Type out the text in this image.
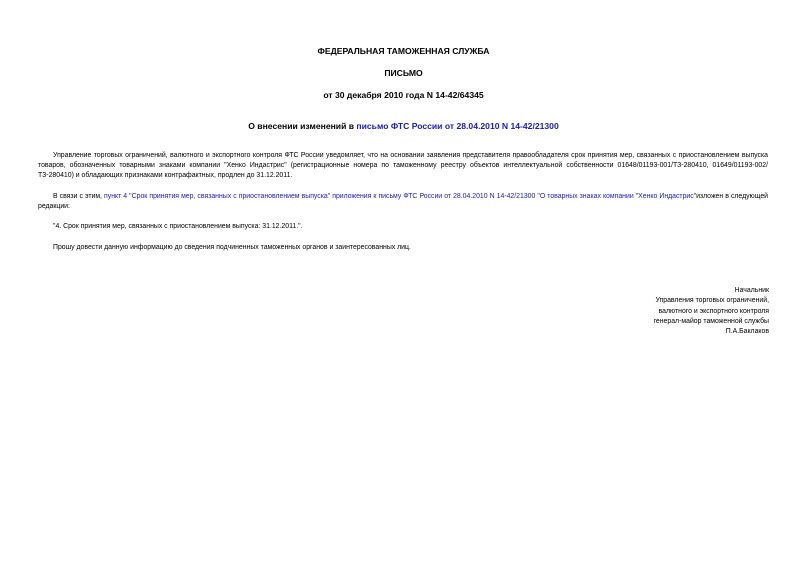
ФЕДЕРАЛЬНАЯ ТАМОЖЕННАЯ СЛУЖБА
ПИСЬМО
от 30 декабря 2010 года N 14-42/64345
О внесении изменений в письмо ФТС России от 28.04.2010 N 14-42/21300
Управление торговых ограничений, валютного и экспортного контроля ФТС России уведомляет, что на основании заявления представителя правообладателя срок принятия мер, связанных с приостановлением выпуска товаров, обозначенных товарными знаками компании "Хенко Индастрис" (регистрационные номера по таможенному реестру объектов интеллектуальной собственности 01648/01193-001/ТЗ-280410, 01649/01193-002/ТЗ-280410) и обладающих признаками контрафактных, продлен до 31.12.2011.
В связи с этим, пункт 4 "Срок принятия мер, связанных с приостановлением выпуска" приложения к письму ФТС России от 28.04.2010 N 14-42/21300 "О товарных знаках компании "Хенко Индастрис"изложен в следующей редакции:
"4. Срок принятия мер, связанных с приостановлением выпуска: 31.12.2011.".
Прошу довести данную информацию до сведения подчиненных таможенных органов и заинтересованных лиц.
Начальник
Управления торговых ограничений,
валютного и экспортного контроля
генерал-майор таможенной службы
П.А.Баклаков
